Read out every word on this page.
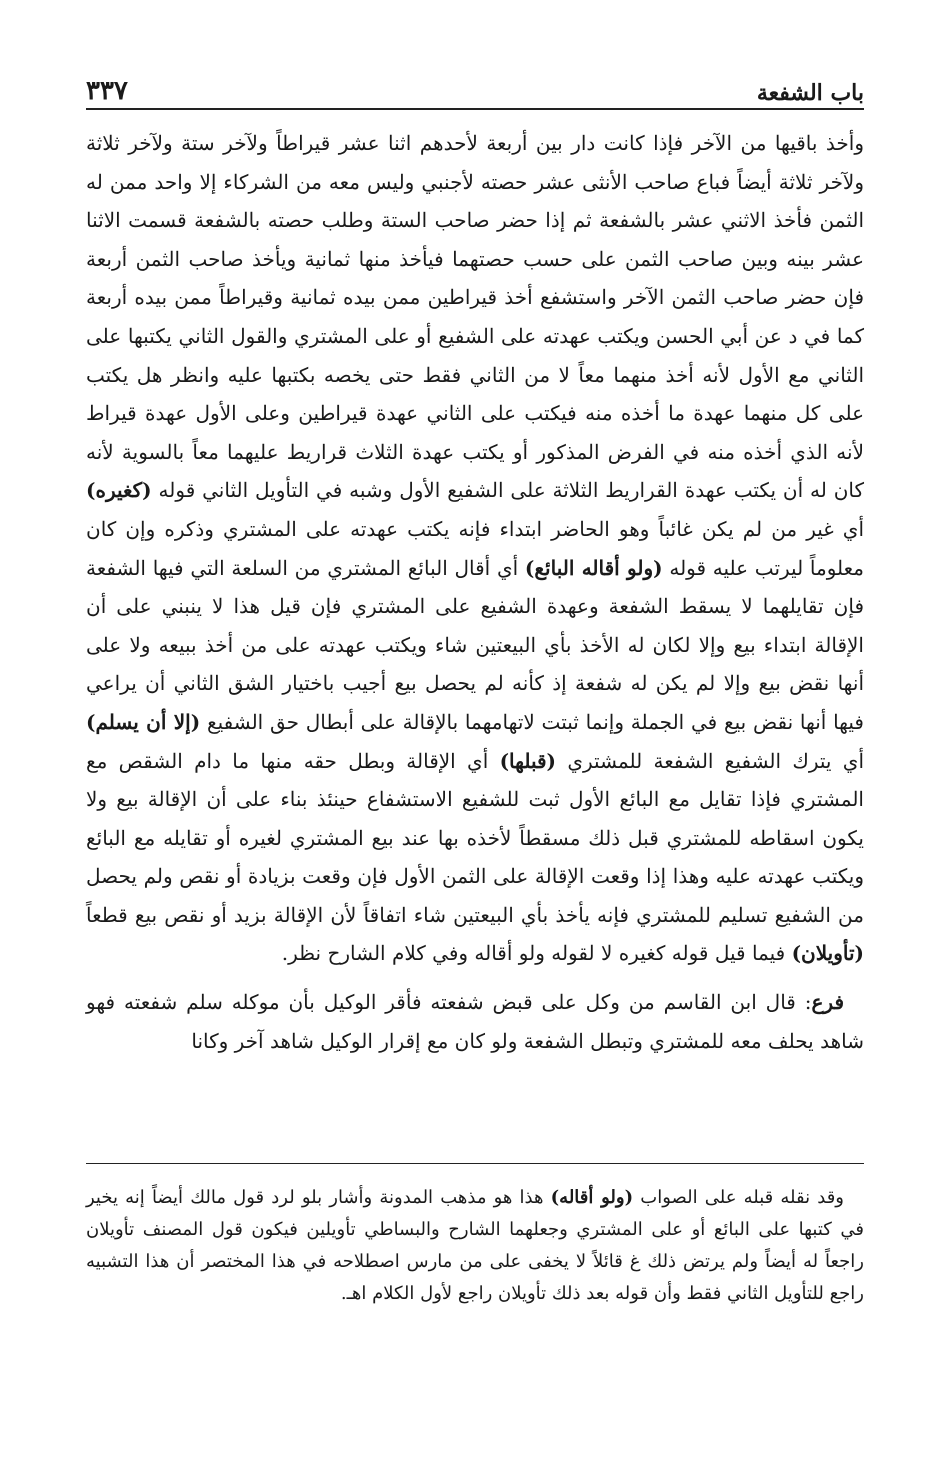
٣٣٧	باب الشفعة

وأخذ باقيها من الآخر فإذا كانت دار بين أربعة لأحدهم اثنا عشر قيراطاً ولآخر ستة ولآخر ثلاثة ولآخر ثلاثة أيضاً فباع صاحب الأنثى عشر حصته لأجنبي وليس معه من الشركاء إلا واحد ممن له الثمن فأخذ الاثني عشر بالشفعة ثم إذا حضر صاحب الستة وطلب حصته بالشفعة قسمت الاثنا عشر بينه وبين صاحب الثمن على حسب حصتهما فيأخذ منها ثمانية ويأخذ صاحب الثمن أربعة فإن حضر صاحب الثمن الآخر واستشفع أخذ قيراطين ممن بيده ثمانية وقيراطاً ممن بيده أربعة كما في د عن أبي الحسن ويكتب عهدته على الشفيع أو على المشتري والقول الثاني يكتبها على الثاني مع الأول لأنه أخذ منهما معاً لا من الثاني فقط حتى يخصه بكتبها عليه وانظر هل يكتب على كل منهما عهدة ما أخذه منه فيكتب على الثاني عهدة قيراطين وعلى الأول عهدة قيراط لأنه الذي أخذه منه في الفرض المذكور أو يكتب عهدة الثلاث قراريط عليهما معاً بالسوية لأنه كان له أن يكتب عهدة القراريط الثلاثة على الشفيع الأول وشبه في التأويل الثاني قوله (كغيره) أي غير من لم يكن غائباً وهو الحاضر ابتداء فإنه يكتب عهدته على المشتري وذكره وإن كان معلوماً ليرتب عليه قوله (ولو أقاله البائع) أي أقال البائع المشتري من السلعة التي فيها الشفعة فإن تقايلهما لا يسقط الشفعة وعهدة الشفيع على المشتري فإن قيل هذا لا ينبني على أن الإقالة ابتداء بيع وإلا لكان له الأخذ بأي البيعتين شاء ويكتب عهدته على من أخذ ببيعه ولا على أنها نقض بيع وإلا لم يكن له شفعة إذ كأنه لم يحصل بيع أجيب باختيار الشق الثاني أن يراعي فيها أنها نقض بيع في الجملة وإنما ثبتت لاتهامهما بالإقالة على أبطال حق الشفيع (إلا أن يسلم) أي يترك الشفيع الشفعة للمشتري (قبلها) أي الإقالة وبطل حقه منها ما دام الشقص مع المشتري فإذا تقايل مع البائع الأول ثبت للشفيع الاستشفاع حينئذ بناء على أن الإقالة بيع ولا يكون اسقاطه للمشتري قبل ذلك مسقطاً لأخذه بها عند بيع المشتري لغيره أو تقايله مع البائع ويكتب عهدته عليه وهذا إذا وقعت الإقالة على الثمن الأول فإن وقعت بزيادة أو نقص ولم يحصل من الشفيع تسليم للمشتري فإنه يأخذ بأي البيعتين شاء اتفاقاً لأن الإقالة بزيد أو نقص بيع قطعاً (تأويلان) فيما قيل قوله كغيره لا لقوله ولو أقاله وفي كلام الشارح نظر.

فرع: قال ابن القاسم من وكل على قبض شفعته فأقر الوكيل بأن موكله سلم شفعته فهو شاهد يحلف معه للمشتري وتبطل الشفعة ولو كان مع إقرار الوكيل شاهد آخر وكانا

وقد نقله قبله على الصواب (ولو أقاله) هذا هو مذهب المدونة وأشار بلو لرد قول مالك أيضاً إنه يخير في كتبها على البائع أو على المشتري وجعلهما الشارح والبساطي تأويلين فيكون قول المصنف تأويلان راجعاً له أيضاً ولم يرتض ذلك غ قائلاً لا يخفى على من مارس اصطلاحه في هذا المختصر أن هذا التشبيه راجع للتأويل الثاني فقط وأن قوله بعد ذلك تأويلان راجع لأول الكلام اهـ.
